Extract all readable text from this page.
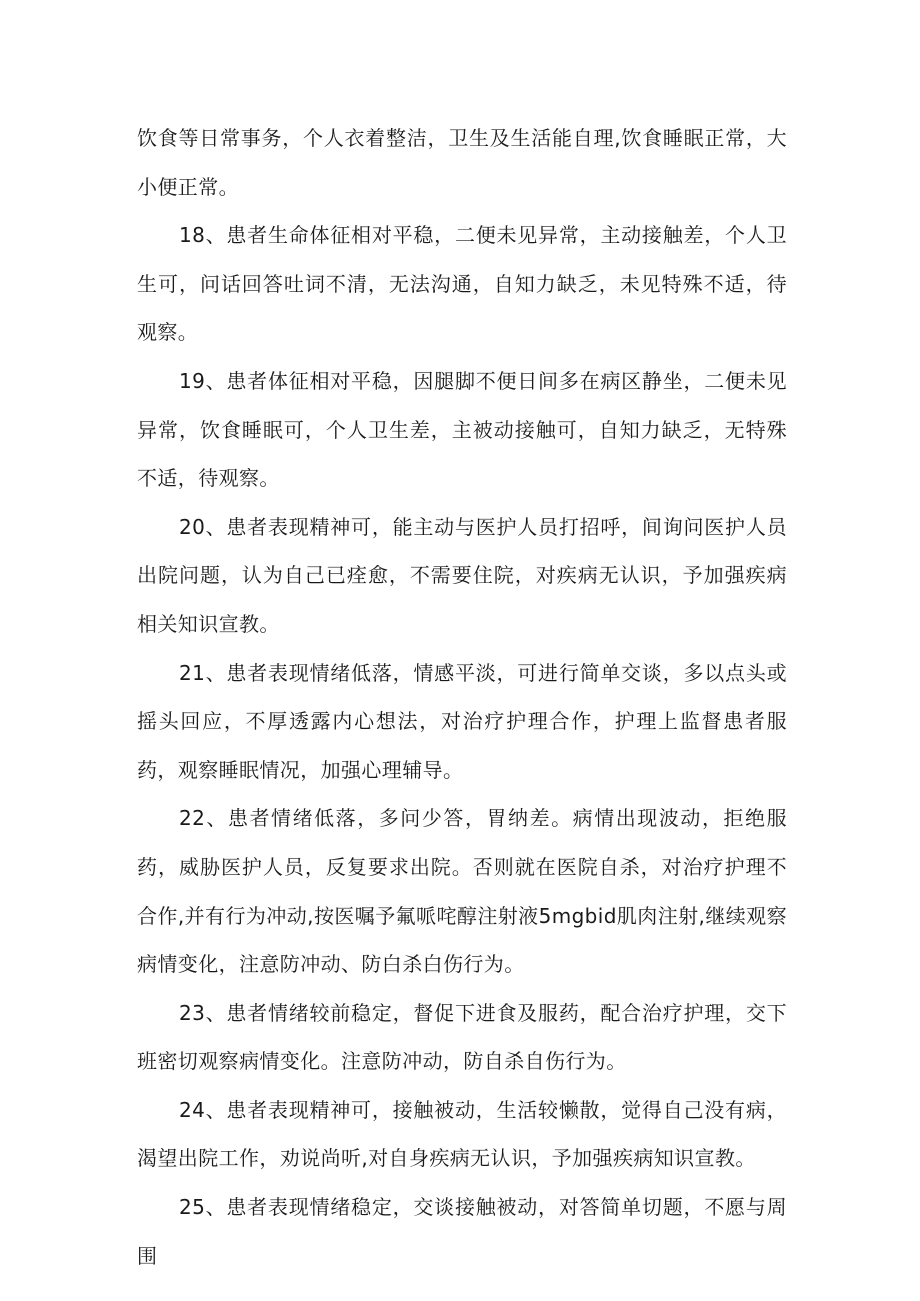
饮食等日常事务，个人衣着整洁，卫生及生活能自理,饮食睡眠正常，大小便正常。

18、患者生命体征相对平稳，二便未见异常，主动接触差，个人卫生可，问话回答吐词不清，无法沟通，自知力缺乏，未见特殊不适，待观察。

19、患者体征相对平稳，因腿脚不便日间多在病区静坐，二便未见异常，饮食睡眠可，个人卫生差，主被动接触可，自知力缺乏，无特殊不适，待观察。

20、患者表现精神可，能主动与医护人员打招呼，间询问医护人员出院问题，认为自己已痊愈，不需要住院，对疾病无认识，予加强疾病相关知识宣教。

21、患者表现情绪低落，情感平淡，可进行简单交谈，多以点头或摇头回应，不厚透露内心想法，对治疗护理合作，护理上监督患者服药，观察睡眠情况，加强心理辅导。

22、患者情绪低落，多问少答，胃纳差。病情出现波动，拒绝服药，威胁医护人员，反复要求出院。否则就在医院自杀，对治疗护理不合作,并有行为冲动,按医嘱予氟哌咤醇注射液5mgbid肌肉注射,继续观察病情变化，注意防冲动、防白杀白伤行为。

23、患者情绪较前稳定，督促下进食及服药，配合治疗护理，交下班密切观察病情变化。注意防冲动，防自杀自伤行为。

24、患者表现精神可，接触被动，生活较懒散，觉得自己没有病，渴望出院工作，劝说尚听,对自身疾病无认识，予加强疾病知识宣教。

25、患者表现情绪稳定，交谈接触被动，对答简单切题，不愿与周围
